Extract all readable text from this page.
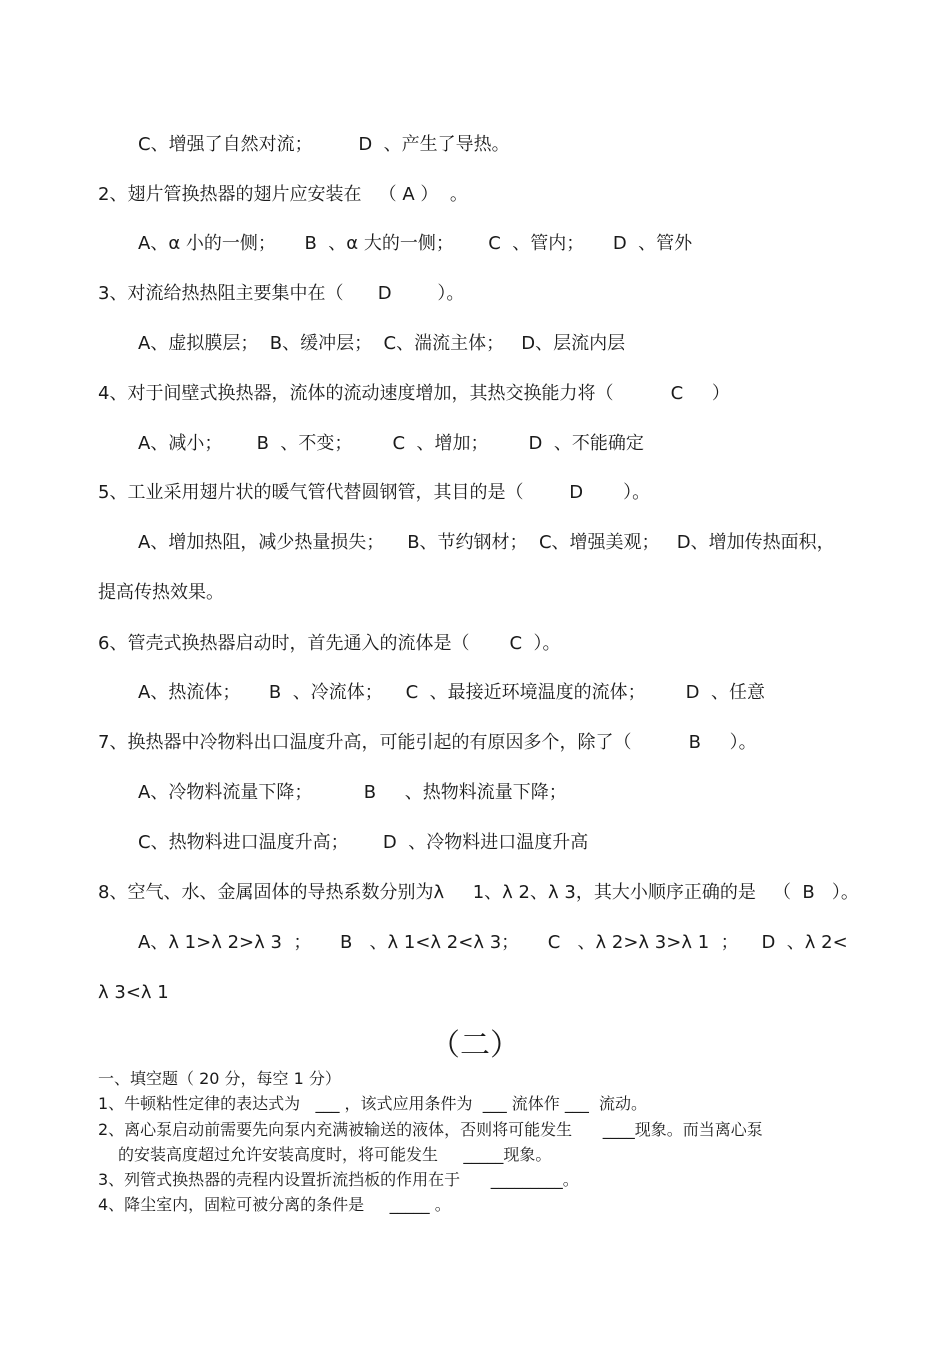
C、增强了自然对流；        D  、产生了导热。
2、翅片管换热器的翅片应安装在   （ A ）  。
A、α 小的一侧；     B  、α 大的一侧；      C  、管内；     D  、管外
3、对流给热热阻主要集中在（      D        ）。
A、虚拟膜层；  B、缓冲层；  C、湍流主体；   D、层流内层
4、对于间壁式换热器，流体的流动速度增加，其热交换能力将（          C     ）
A、减小；      B  、不变；       C  、增加；       D  、不能确定
5、工业采用翅片状的暖气管代替圆钢管，其目的是（        D       ）。
A、增加热阻，减少热量损失；    B、节约钢材；  C、增强美观；   D、增加传热面积，
提高传热效果。
6、管壳式换热器启动时，首先通入的流体是（       C  ）。
A、热流体；     B  、冷流体；    C  、最接近环境温度的流体；       D  、任意
7、换热器中冷物料出口温度升高，可能引起的有原因多个，除了（          B     ）。
A、冷物料流量下降；         B     、热物料流量下降；
C、热物料进口温度升高；      D  、冷物料进口温度升高
8、空气、水、金属固体的导热系数分别为λ     1、λ 2、λ 3，其大小顺序正确的是   （  B   ）。
A、λ 1>λ 2>λ 3  ；     B   、λ 1<λ 2<λ 3；     C   、λ 2>λ 3>λ 1  ；    D  、λ 2<
λ 3<λ 1
（二）
一、填空题（ 20 分，每空 1 分）
1、牛顿粘性定律的表达式为   ___ ，该式应用条件为  ___ 流体作 ___  流动。
2、离心泵启动前需要先向泵内充满被输送的液体，否则将可能发生      ____现象。而当离心泵
的安装高度超过允许安装高度时，将可能发生     _____现象。
3、列管式换热器的壳程内设置折流挡板的作用在于      _________。
4、降尘室内，固粒可被分离的条件是     _____ 。
